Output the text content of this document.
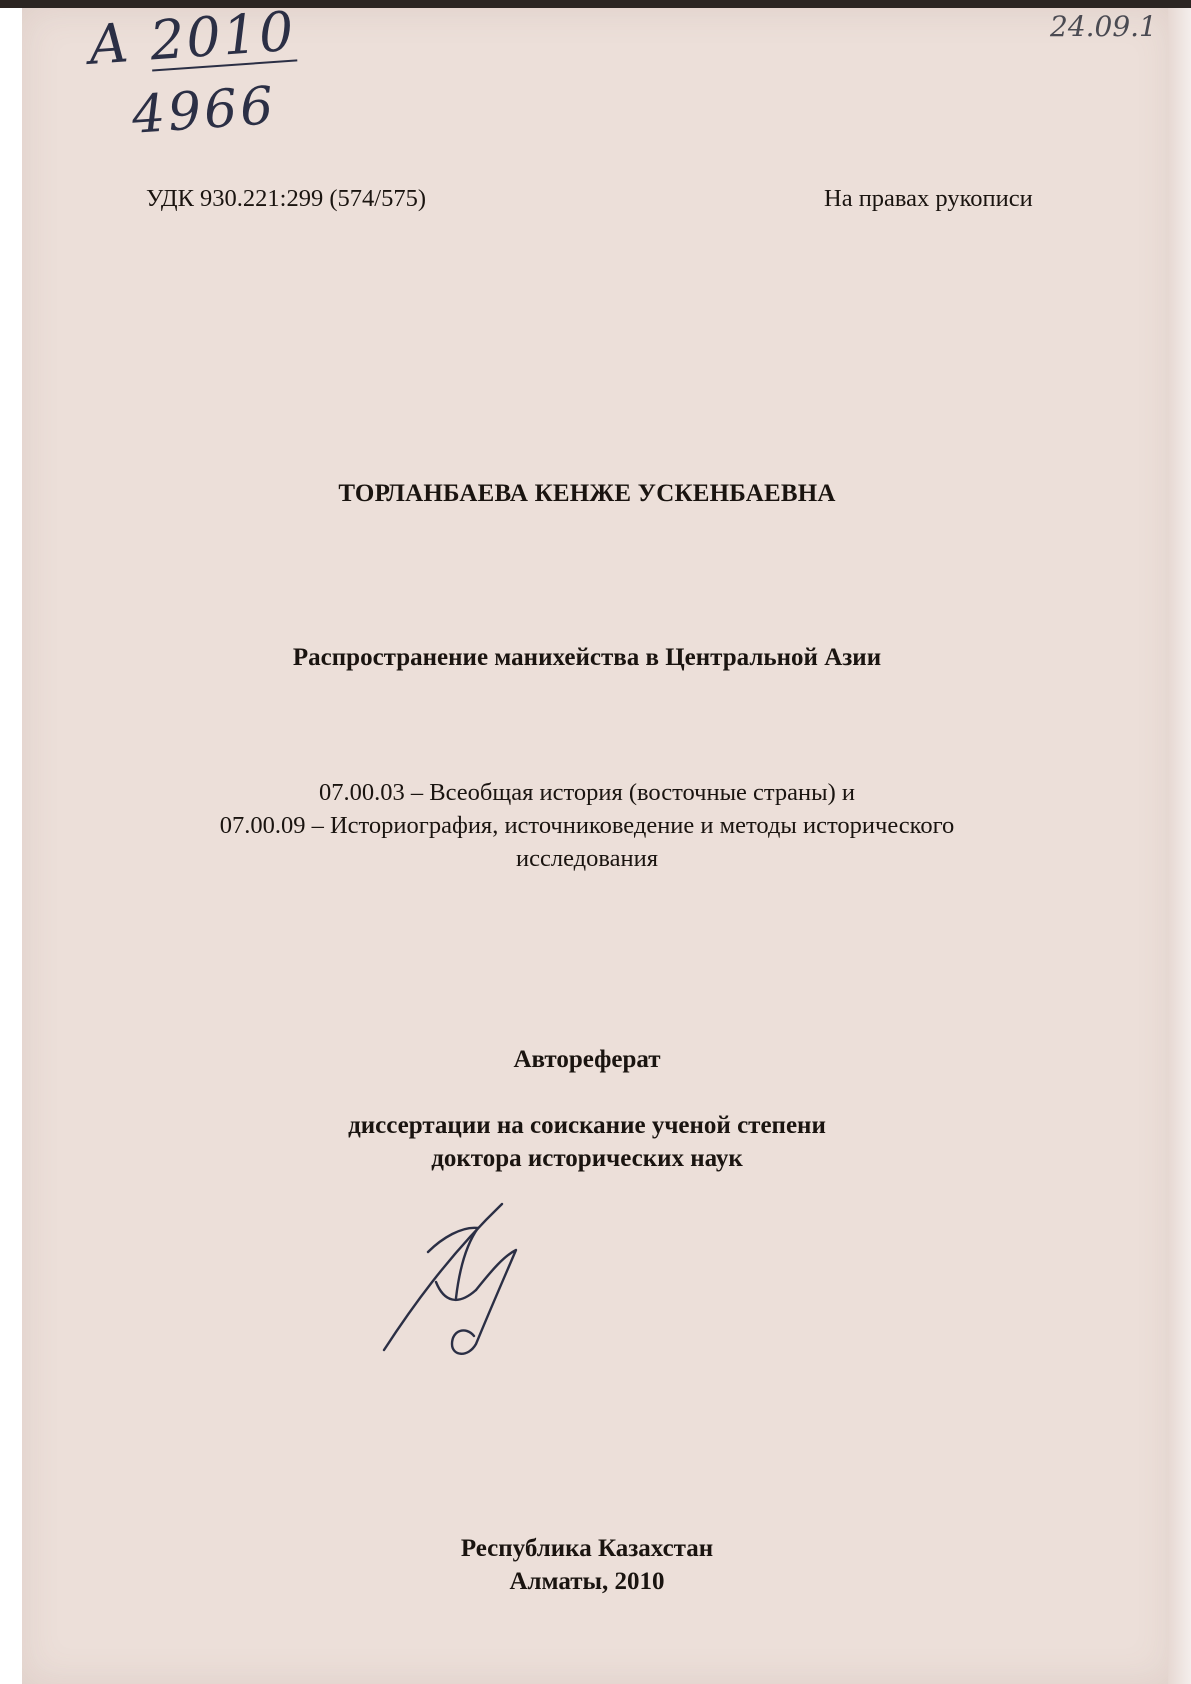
А 2010
4966
24.09.1
УДК 930.221:299 (574/575)	На правах рукописи
ТОРЛАНБАЕВА КЕНЖЕ УСКЕНБАЕВНА
Распространение манихейства в Центральной Азии
07.00.03 – Всеобщая история (восточные страны) и
07.00.09 – Историография, источниковедение и методы исторического
исследования
Автореферат
диссертации на соискание ученой степени
доктора исторических наук
Республика Казахстан
Алматы, 2010
